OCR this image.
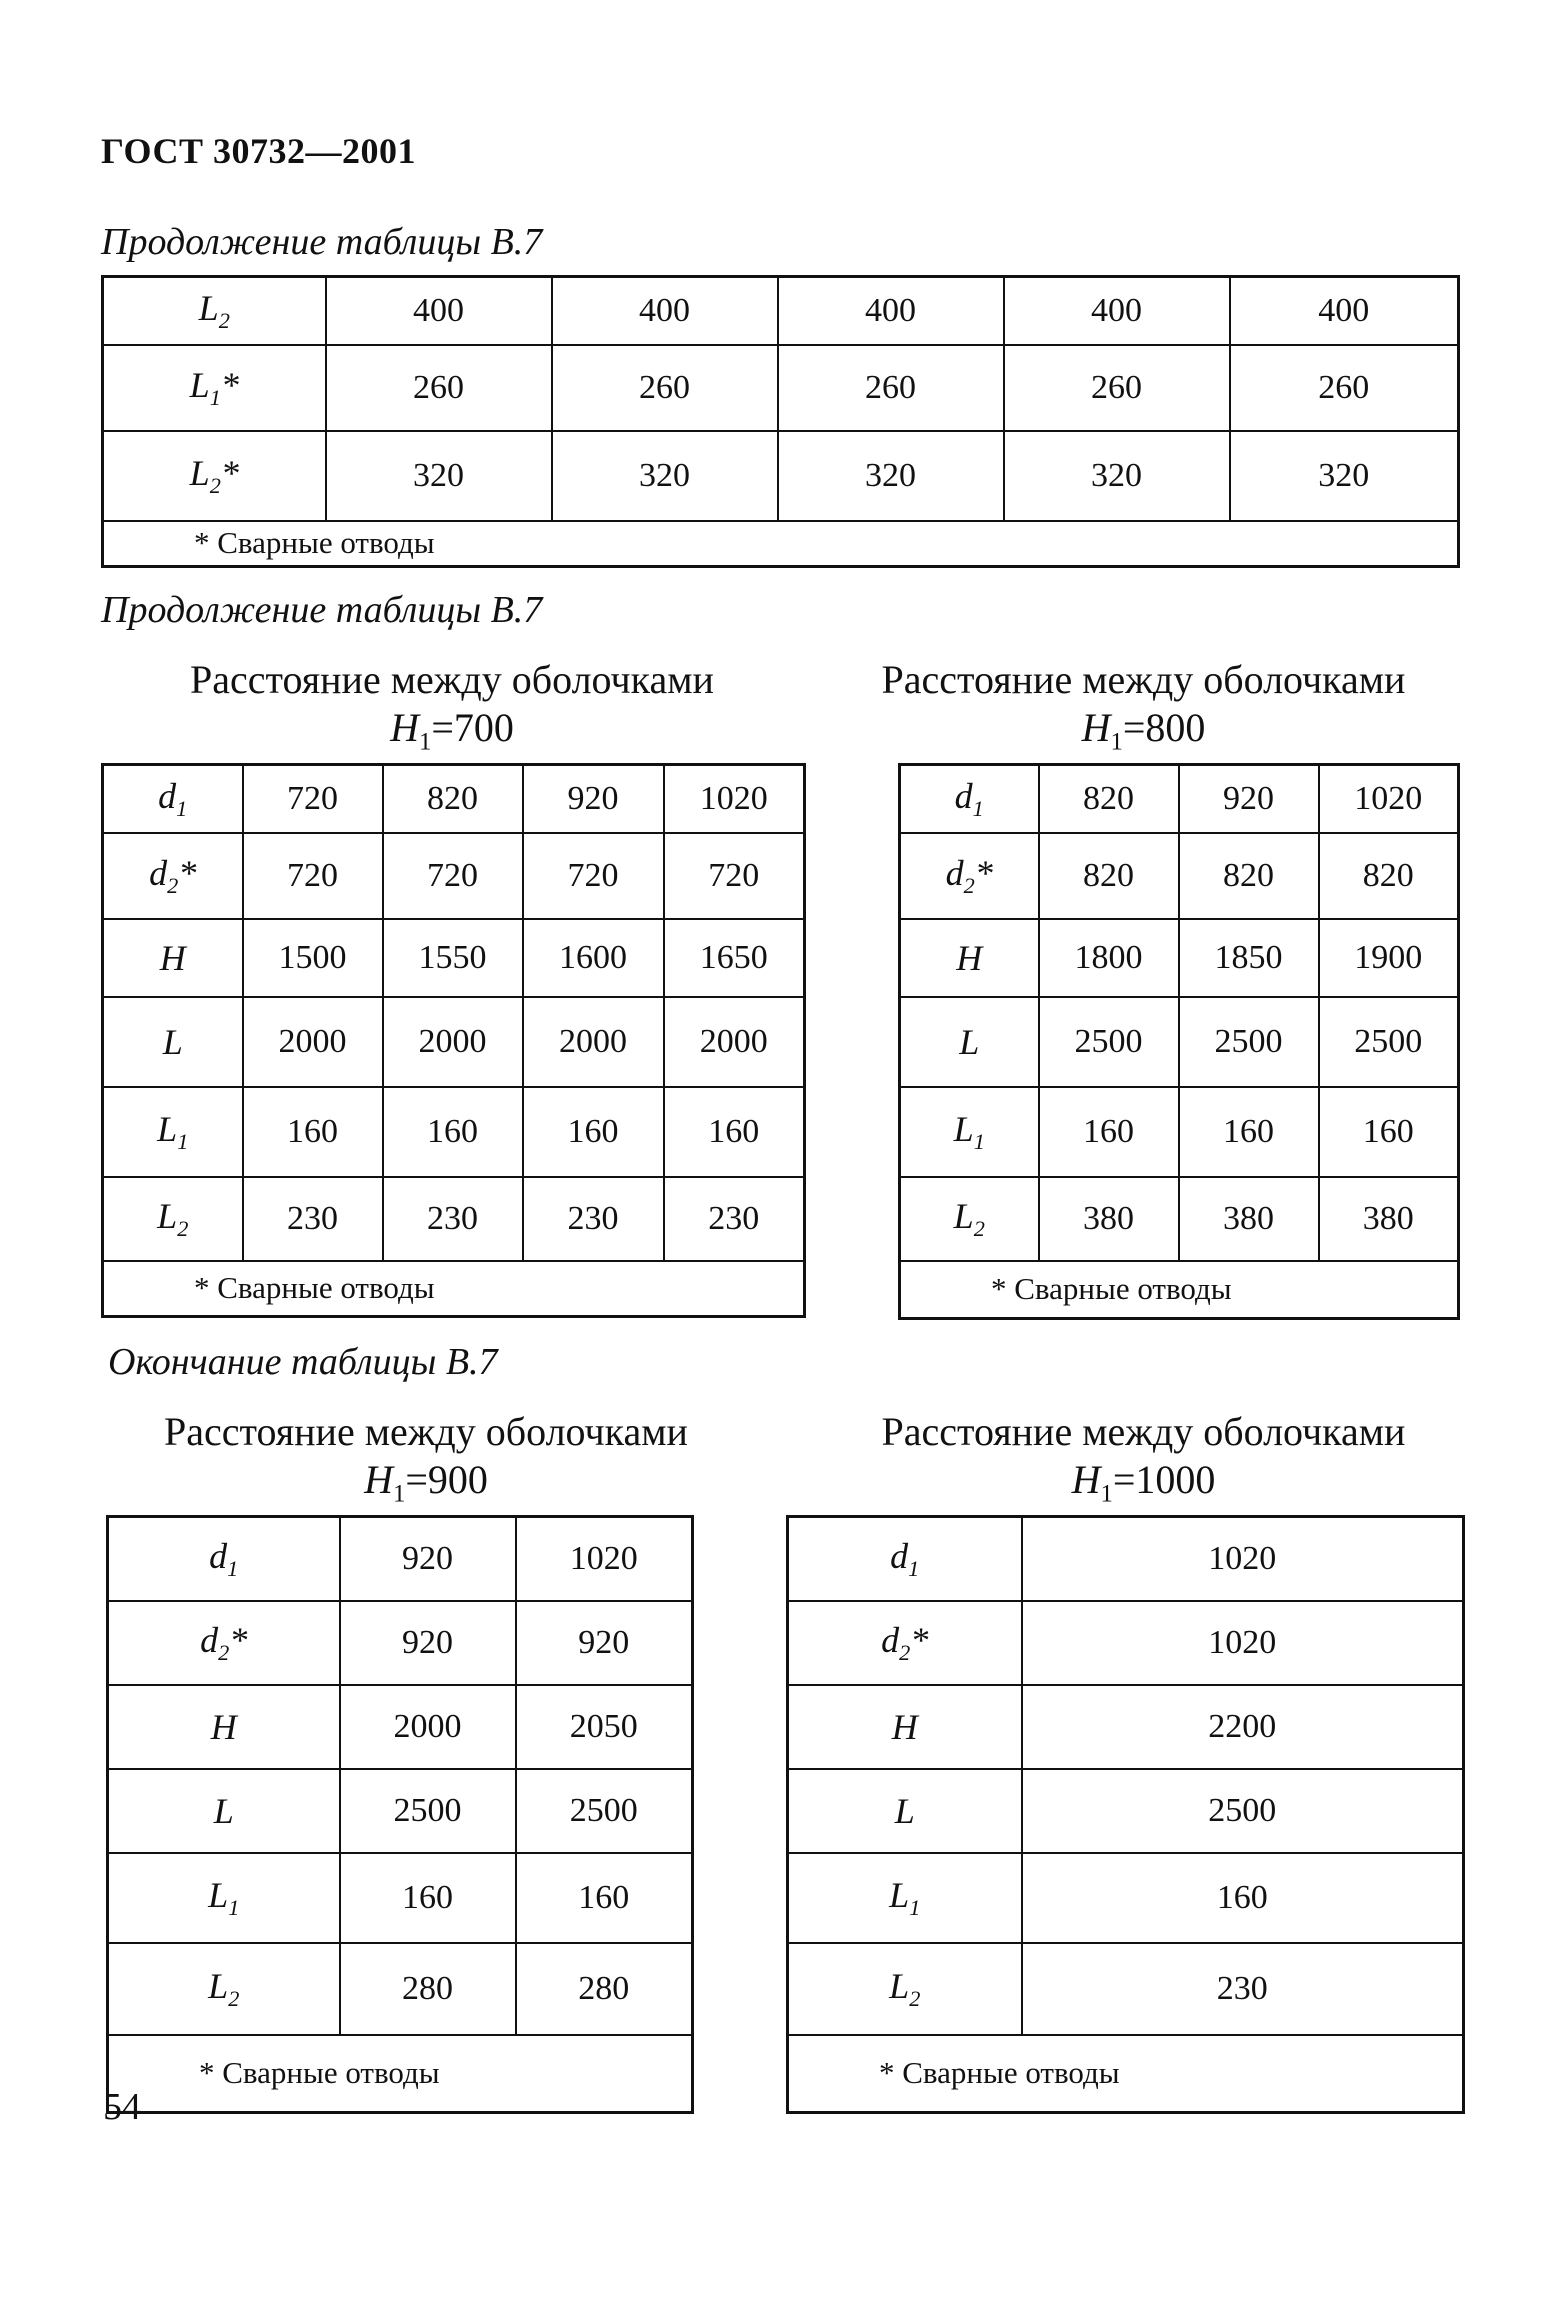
ГОСТ 30732—2001
Продолжение таблицы В.7
$L_2$	400	400	400	400	400
$L_1*$	260	260	260	260	260
$L_2*$	320	320	320	320	320
* Сварные отводы					
Продолжение таблицы В.7
Расстояние между оболочками
$H_1=700$
$d_1$	720	820	920	1020
$d_2*$	720	720	720	720
H	1500	1550	1600	1650
L	2000	2000	2000	2000
$L_1$	160	160	160	160
$L_2$	230	230	230	230
* Сварные отводы				
Расстояние между оболочками
$H_1=800$
$d_1$	820	920	1020
$d_2*$	820	820	820
H	1800	1850	1900
L	2500	2500	2500
$L_1$	160	160	160
$L_2$	380	380	380
* Сварные отводы			
Окончание таблицы В.7
Расстояние между оболочками
$H_1=900$
$d_1$	920	1020
$d_2*$	920	920
H	2000	2050
L	2500	2500
$L_1$	160	160
$L_2$	280	280
* Сварные отводы		
Расстояние между оболочками
$H_1=1000$
$d_1$	1020
$d_2*$	1020
H	2200
L	2500
$L_1$	160
$L_2$	230
* Сварные отводы	
54
